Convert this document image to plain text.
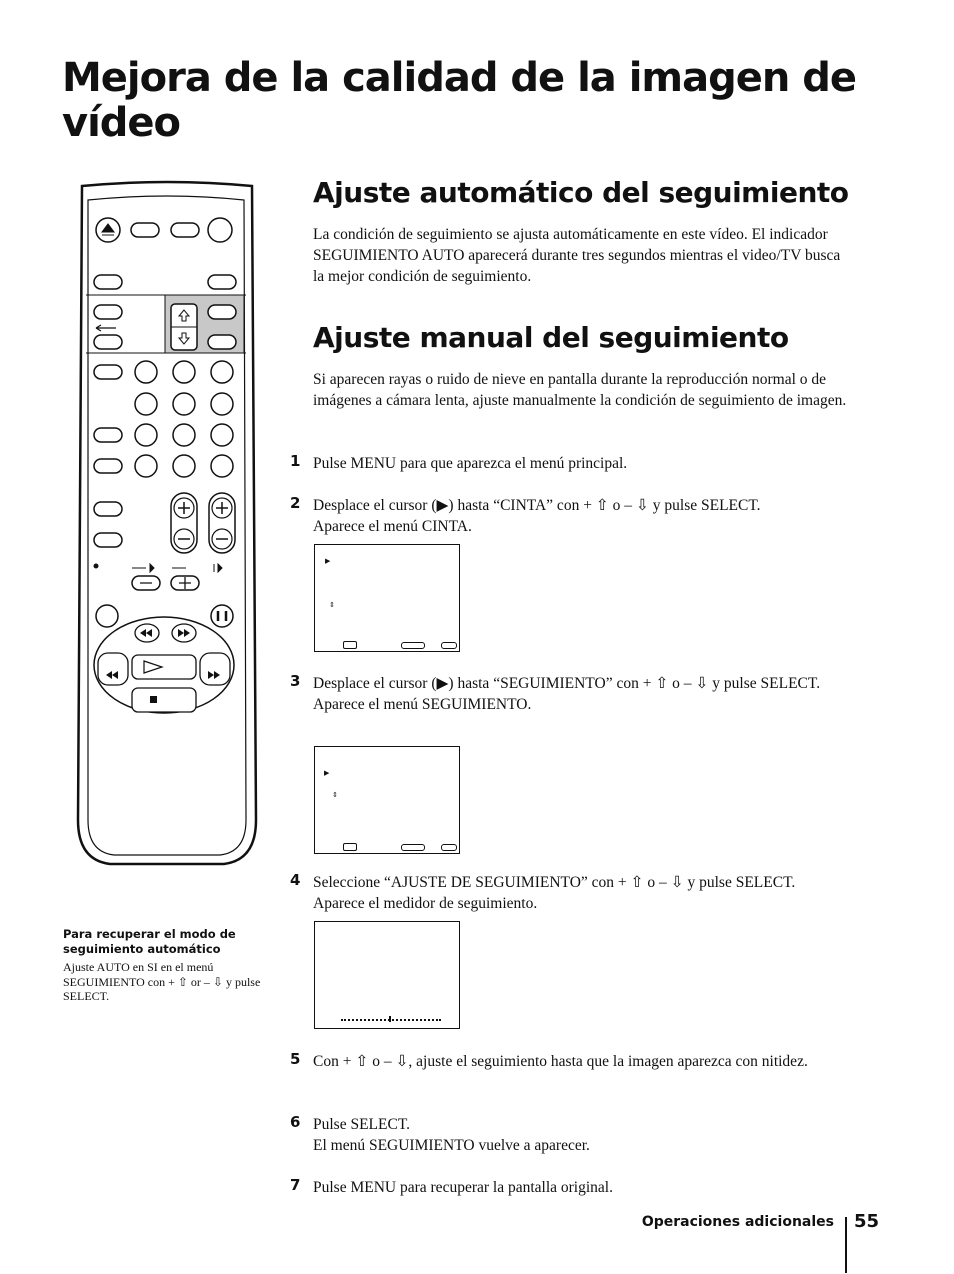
Mejora de la calidad de la imagen de vídeo
Ajuste automático del seguimiento

La condición de seguimiento se ajusta automáticamente en este vídeo. El indicador SEGUIMIENTO AUTO aparecerá durante tres segundos mientras el video/TV busca la mejor condición de seguimiento.

Ajuste manual del seguimiento

Si aparecen rayas o ruido de nieve en pantalla durante la reproducción normal o de imágenes a cámara lenta, ajuste manualmente la condición de seguimiento de imagen.

1 Pulse MENU para que aparezca el menú principal.

2 Desplace el cursor (▶) hasta “CINTA” con + ⇧ o – ⇩ y pulse SELECT.
Aparece el menú CINTA.

▶
⇕
3 Desplace el cursor (▶) hasta “SEGUIMIENTO” con + ⇧ o – ⇩ y pulse SELECT.
Aparece el menú SEGUIMIENTO.

▶
⇕
4 Seleccione “AJUSTE DE SEGUIMIENTO” con + ⇧ o – ⇩ y pulse SELECT.
Aparece el medidor de seguimiento.

5 Con + ⇧ o – ⇩, ajuste el seguimiento hasta que la imagen aparezca con nitidez.

6 Pulse SELECT.
El menú SEGUIMIENTO vuelve a aparecer.

7 Pulse MENU para recuperar la pantalla original.

Para recuperar el modo de seguimiento automático

Ajuste AUTO en SI en el menú SEGUIMIENTO con + ⇧ or – ⇩ y pulse SELECT.

Operaciones adicionales 55
